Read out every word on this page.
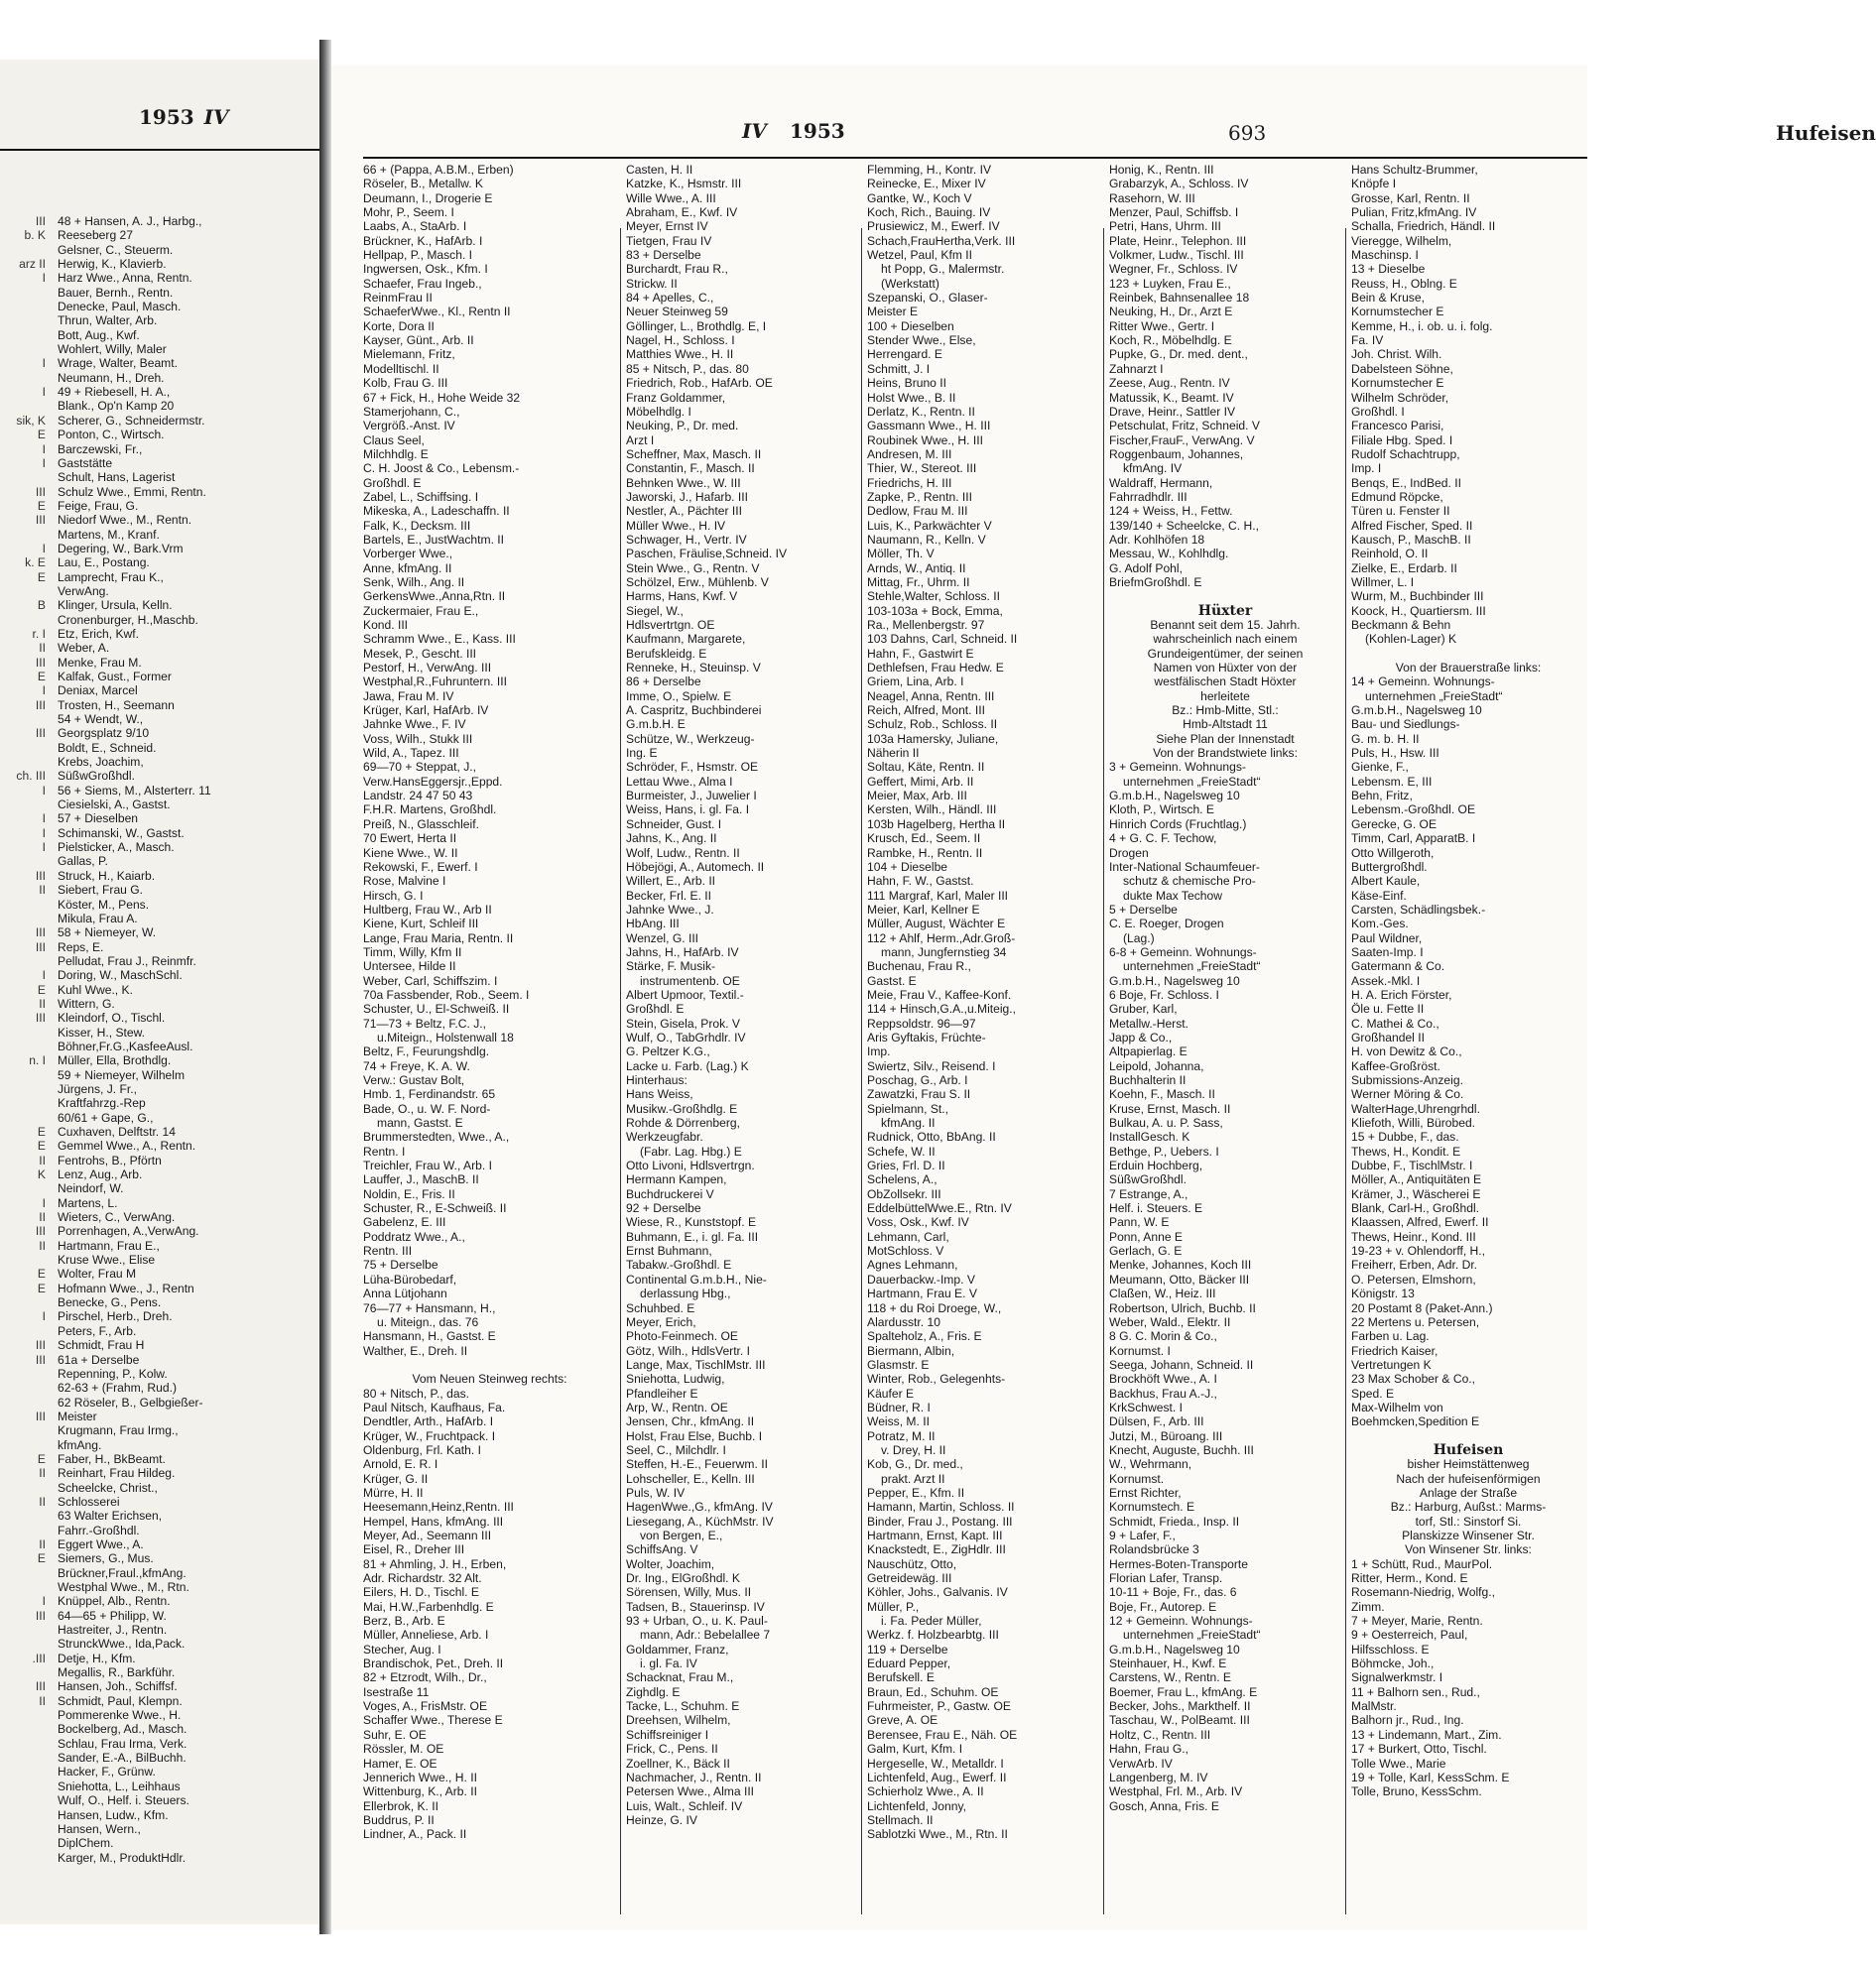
1953 IV
III
b. K
arz II
I
I
I
sik, K
E
I
I
III
E
III
I
k. E
E
B
r. I
II
III
E
I
III
III
ch. III
I
I
I
I
III
II
III
III
I
E
II
III
n. I
E
E
II
K
I
II
III
II
E
E
I
III
III
III
E
II
II
II
E
I
III
.III
III
II
48 + Hansen, A. J., Harbg.,
Reeseberg 27
Gelsner, C., Steuerm.
Herwig, K., Klavierb.
Harz Wwe., Anna, Rentn.
Bauer, Bernh., Rentn.
Denecke, Paul, Masch.
Thrun, Walter, Arb.
Bott, Aug., Kwf.
Wohlert, Willy, Maler
Wrage, Walter, Beamt.
Neumann, H., Dreh.
49 + Riebesell, H. A.,
Blank., Op'n Kamp 20
Scherer, G., Schneidermstr.
Ponton, C., Wirtsch.
Barczewski, Fr.,
Gaststätte
Schult, Hans, Lagerist
Schulz Wwe., Emmi, Rentn.
Feige, Frau, G.
Niedorf Wwe., M., Rentn.
Martens, M., Kranf.
Degering, W., Bark.Vrm
Lau, E., Postang.
Lamprecht, Frau K.,
VerwAng.
Klinger, Ursula, Kelln.
Cronenburger, H.,Maschb.
Etz, Erich, Kwf.
Weber, A.
Menke, Frau M.
Kalfak, Gust., Former
Deniax, Marcel
Trosten, H., Seemann
54 + Wendt, W.,
Georgsplatz 9/10
Boldt, E., Schneid.
Krebs, Joachim,
SüßwGroßhdl.
56 + Siems, M., Alsterterr. 11
Ciesielski, A., Gastst.
57 + Dieselben
Schimanski, W., Gastst.
Pielsticker, A., Masch.
Gallas, P.
Struck, H., Kaiarb.
Siebert, Frau G.
Köster, M., Pens.
Mikula, Frau A.
58 + Niemeyer, W.
Reps, E.
Pelludat, Frau J., Reinmfr.
Doring, W., MaschSchl.
Kuhl Wwe., K.
Wittern, G.
Kleindorf, O., Tischl.
Kisser, H., Stew.
Böhner,Fr.G.,KasfeeAusl.
Müller, Ella, Brothdlg.
59 + Niemeyer, Wilhelm
Jürgens, J. Fr.,
Kraftfahrzg.-Rep
60/61 + Gape, G.,
Cuxhaven, Delftstr. 14
Gemmel Wwe., A., Rentn.
Fentrohs, B., Pförtn
Lenz, Aug., Arb.
Neindorf, W.
Martens, L.
Wieters, C., VerwAng.
Porrenhagen, A.,VerwAng.
Hartmann, Frau E.,
Kruse Wwe., Elise
Wolter, Frau M
Hofmann Wwe., J., Rentn
Benecke, G., Pens.
Pirschel, Herb., Dreh.
Peters, F., Arb.
Schmidt, Frau H
61a + Derselbe
Repenning, P., Kolw.
62-63 + (Frahm, Rud.)
62 Röseler, B., Gelbgießer-
Meister
Krugmann, Frau Irmg.,
kfmAng.
Faber, H., BkBeamt.
Reinhart, Frau Hildeg.
Scheelcke, Christ.,
Schlosserei
63 Walter Erichsen,
Fahrr.-Großhdl.
Eggert Wwe., A.
Siemers, G., Mus.
Brückner,Fraul.,kfmAng.
Westphal Wwe., M., Rtn.
Knüppel, Alb., Rentn.
64—65 + Philipp, W.
Hastreiter, J., Rentn.
StrunckWwe., Ida,Pack.
Detje, H., Kfm.
Megallis, R., Barkführ.
Hansen, Joh., Schiffsf.
Schmidt, Paul, Klempn.
Pommerenke Wwe., H.
Bockelberg, Ad., Masch.
Schlau, Frau Irma, Verk.
Sander, E.-A., BilBuchh.
Hacker, F., Grünw.
Sniehotta, L., Leihhaus
Wulf, O., Helf. i. Steuers.
Hansen, Ludw., Kfm.
Hansen, Wern.,
DiplChem.
Karger, M., ProduktHdlr.
IV 1953	693	Hufeisen
66 + (Pappa, A.B.M., Erben)
Röseler, B., Metallw. K
Deumann, I., Drogerie E
Mohr, P., Seem. I
Laabs, A., StaArb. I
Brückner, K., HafArb. I
Hellpap, P., Masch. I
Ingwersen, Osk., Kfm. I
Schaefer, Frau Ingeb.,
ReinmFrau II
SchaeferWwe., Kl., Rentn II
Korte, Dora II
Kayser, Günt., Arb. II
Mielemann, Fritz,
Modelltischl. II
Kolb, Frau G. III
67 + Fick, H., Hohe Weide 32
Stamerjohann, C.,
Vergröß.-Anst. IV
Claus Seel,
Milchhdlg. E
C. H. Joost & Co., Lebensm.-
Großhdl. E
Zabel, L., Schiffsing. I
Mikeska, A., Ladeschaffn. II
Falk, K., Decksm. III
Bartels, E., JustWachtm. II
Vorberger Wwe.,
Anne, kfmAng. II
Senk, Wilh., Ang. II
GerkensWwe.,Anna,Rtn. II
Zuckermaier, Frau E.,
Kond. III
Schramm Wwe., E., Kass. III
Mesek, P., Gescht. III
Pestorf, H., VerwAng. III
Westphal,R.,Fuhruntern. III
Jawa, Frau M. IV
Krüger, Karl, HafArb. IV
Jahnke Wwe., F. IV
Voss, Wilh., Stukk III
Wild, A., Tapez. III
69—70 + Steppat, J.,
Verw.HansEggersjr.,Eppd.
Landstr. 24 47 50 43
F.H.R. Martens, Großhdl.
Preiß, N., Glasschleif.
70 Ewert, Herta II
Kiene Wwe., W. II
Rekowski, F., Ewerf. I
Rose, Malvine I
Hirsch, G. I
Hultberg, Frau W., Arb II
Kiene, Kurt, Schleif III
Lange, Frau Maria, Rentn. II
Timm, Willy, Kfm II
Untersee, Hilde II
Weber, Carl, Schiffszim. I
70a Fassbender, Rob., Seem. I
Schuster, U., El-Schweiß. II
71—73 + Beltz, F.C. J.,
u.Miteign., Holstenwall 18
Beltz, F., Feurungshdlg.
74 + Freye, K. A. W.
Verw.: Gustav Bolt,
Hmb. 1, Ferdinandstr. 65
Bade, O., u. W. F. Nord-
mann, Gastst. E
Brummerstedten, Wwe., A.,
Rentn. I
Treichler, Frau W., Arb. I
Lauffer, J., MaschB. II
Noldin, E., Fris. II
Schuster, R., E-Schweiß. II
Gabelenz, E. III
Poddratz Wwe., A.,
Rentn. III
75 + Derselbe
Lüha-Bürobedarf,
Anna Lütjohann
76—77 + Hansmann, H.,
u. Miteign., das. 76
Hansmann, H., Gastst. E
Walther, E., Dreh. II
Vom Neuen Steinweg rechts:
80 + Nitsch, P., das.
Paul Nitsch, Kaufhaus, Fa.
Dendtler, Arth., HafArb. I
Krüger, W., Fruchtpack. I
Oldenburg, Frl. Kath. I
Arnold, E. R. I
Krüger, G. II
Mürre, H. II
Heesemann,Heinz,Rentn. III
Hempel, Hans, kfmAng. III
Meyer, Ad., Seemann III
Eisel, R., Dreher III
81 + Ahmling, J. H., Erben,
Adr. Richardstr. 32 Alt.
Eilers, H. D., Tischl. E
Mai, H.W.,Farbenhdlg. E
Berz, B., Arb. E
Müller, Anneliese, Arb. I
Stecher, Aug. I
Brandischok, Pet., Dreh. II
82 + Etzrodt, Wilh., Dr.,
Isestraße 11
Voges, A., FrisMstr. OE
Schaffer Wwe., Therese E
Suhr, E. OE
Rössler, M. OE
Hamer, E. OE
Jennerich Wwe., H. II
Wittenburg, K., Arb. II
Ellerbrok, K. II
Buddrus, P. II
Lindner, A., Pack. II
Casten, H. II
Katzke, K., Hsmstr. III
Wille Wwe., A. III
Abraham, E., Kwf. IV
Meyer, Ernst IV
Tietgen, Frau IV
83 + Derselbe
Burchardt, Frau R.,
Strickw. II
84 + Apelles, C.,
Neuer Steinweg 59
Göllinger, L., Brothdlg. E, I
Nagel, H., Schloss. I
Matthies Wwe., H. II
85 + Nitsch, P., das. 80
Friedrich, Rob., HafArb. OE
Franz Goldammer,
Möbelhdlg. I
Neuking, P., Dr. med.
Arzt I
Scheffner, Max, Masch. II
Constantin, F., Masch. II
Behnken Wwe., W. III
Jaworski, J., Hafarb. III
Nestler, A., Pächter III
Müller Wwe., H. IV
Schwager, H., Vertr. IV
Paschen, Fräulise,Schneid. IV
Stein Wwe., G., Rentn. V
Schölzel, Erw., Mühlenb. V
Harms, Hans, Kwf. V
Siegel, W.,
Hdlsvertrtgn. OE
Kaufmann, Margarete,
Berufskleidg. E
Renneke, H., Steuinsp. V
86 + Derselbe
Imme, O., Spielw. E
A. Caspritz, Buchbinderei
G.m.b.H. E
Schütze, W., Werkzeug-
Ing. E
Schröder, F., Hsmstr. OE
Lettau Wwe., Alma I
Burmeister, J., Juwelier I
Weiss, Hans, i. gl. Fa. I
Schneider, Gust. I
Jahns, K., Ang. II
Wolf, Ludw., Rentn. II
Höbejögi, A., Automech. II
Willert, E., Arb. II
Becker, Frl. E. II
Jahnke Wwe., J.
HbAng. III
Wenzel, G. III
Jahns, H., HafArb. IV
Stärke, F. Musik-
instrumentenb. OE
Albert Upmoor, Textil.-
Großhdl. E
Stein, Gisela, Prok. V
Wulf, O., TabGrhdlr. IV
G. Peltzer K.G.,
Lacke u. Farb. (Lag.) K
Hinterhaus:
Hans Weiss,
Musikw.-Großhdlg. E
Rohde & Dörrenberg,
Werkzeugfabr.
(Fabr. Lag. Hbg.) E
Otto Livoni, Hdlsvertrgn.
Hermann Kampen,
Buchdruckerei V
92 + Derselbe
Wiese, R., Kunststopf. E
Buhmann, E., i. gl. Fa. III
Ernst Buhmann,
Tabakw.-Großhdl. E
Continental G.m.b.H., Nie-
derlassung Hbg.,
Schuhbed. E
Meyer, Erich,
Photo-Feinmech. OE
Götz, Wilh., HdlsVertr. I
Lange, Max, TischlMstr. III
Sniehotta, Ludwig,
Pfandleiher E
Arp, W., Rentn. OE
Jensen, Chr., kfmAng. II
Holst, Frau Else, Buchb. I
Seel, C., Milchdlr. I
Steffen, H.-E., Feuerwm. II
Lohscheller, E., Kelln. III
Puls, W. IV
HagenWwe.,G., kfmAng. IV
Liesegang, A., KüchMstr. IV
von Bergen, E.,
SchiffsAng. V
Wolter, Joachim,
Dr. Ing., ElGroßhdl. K
Sörensen, Willy, Mus. II
Tadsen, B., Stauerinsp. IV
93 + Urban, O., u. K. Paul-
mann, Adr.: Bebelallee 7
Goldammer, Franz,
i. gl. Fa. IV
Schacknat, Frau M.,
Zighdlg. E
Tacke, L., Schuhm. E
Dreehsen, Wilhelm,
Schiffsreiniger I
Frick, C., Pens. II
Zoellner, K., Bäck II
Nachmacher, J., Rentn. II
Petersen Wwe., Alma III
Luis, Walt., Schleif. IV
Heinze, G. IV
Flemming, H., Kontr. IV
Reinecke, E., Mixer IV
Gantke, W., Koch V
Koch, Rich., Bauing. IV
Prusiewicz, M., Ewerf. IV
Schach,FrauHertha,Verk. III
Wetzel, Paul, Kfm II
ht Popp, G., Malermstr.
(Werkstatt)
Szepanski, O., Glaser-
Meister E
100 + Dieselben
Stender Wwe., Else,
Herrengard. E
Schmitt, J. I
Heins, Bruno II
Holst Wwe., B. II
Derlatz, K., Rentn. II
Gassmann Wwe., H. III
Roubinek Wwe., H. III
Andresen, M. III
Thier, W., Stereot. III
Friedrichs, H. III
Zapke, P., Rentn. III
Dedlow, Frau M. III
Luis, K., Parkwächter V
Naumann, R., Kelln. V
Möller, Th. V
Arnds, W., Antiq. II
Mittag, Fr., Uhrm. II
Stehle,Walter, Schloss. II
103-103a + Bock, Emma,
Ra., Mellenbergstr. 97
103 Dahns, Carl, Schneid. II
Hahn, F., Gastwirt E
Dethlefsen, Frau Hedw. E
Griem, Lina, Arb. I
Neagel, Anna, Rentn. III
Reich, Alfred, Mont. III
Schulz, Rob., Schloss. II
103a Hamersky, Juliane,
Näherin II
Soltau, Käte, Rentn. II
Geffert, Mimi, Arb. II
Meier, Max, Arb. III
Kersten, Wilh., Händl. III
103b Hagelberg, Hertha II
Krusch, Ed., Seem. II
Rambke, H., Rentn. II
104 + Dieselbe
Hahn, F. W., Gastst.
111 Margraf, Karl, Maler III
Meier, Karl, Kellner E
Müller, August, Wächter E
112 + Ahlf, Herm.,Adr.Groß-
mann, Jungfernstieg 34
Buchenau, Frau R.,
Gastst. E
Meie, Frau V., Kaffee-Konf.
114 + Hinsch,G.A.,u.Miteig.,
Reppsoldstr. 96—97
Aris Gyftakis, Früchte-
Imp.
Swiertz, Silv., Reisend. I
Poschag, G., Arb. I
Zawatzki, Frau S. II
Spielmann, St.,
kfmAng. II
Rudnick, Otto, BbAng. II
Schefe, W. II
Gries, Frl. D. II
Schelens, A.,
ObZollsekr. III
EddelbüttelWwe.E., Rtn. IV
Voss, Osk., Kwf. IV
Lehmann, Carl,
MotSchloss. V
Agnes Lehmann,
Dauerbackw.-Imp. V
Hartmann, Frau E. V
118 + du Roi Droege, W.,
Alardusstr. 10
Spalteholz, A., Fris. E
Biermann, Albin,
Glasmstr. E
Winter, Rob., Gelegenhts-
Käufer E
Büdner, R. I
Weiss, M. II
Potratz, M. II
v. Drey, H. II
Kob, G., Dr. med.,
prakt. Arzt II
Pepper, E., Kfm. II
Hamann, Martin, Schloss. II
Binder, Frau J., Postang. III
Hartmann, Ernst, Kapt. III
Knackstedt, E., ZigHdlr. III
Nauschütz, Otto,
Getreidewäg. III
Köhler, Johs., Galvanis. IV
Müller, P.,
i. Fa. Peder Müller,
Werkz. f. Holzbearbtg. III
119 + Derselbe
Eduard Pepper,
Berufskell. E
Braun, Ed., Schuhm. OE
Fuhrmeister, P., Gastw. OE
Greve, A. OE
Berensee, Frau E., Näh. OE
Galm, Kurt, Kfm. I
Hergeselle, W., Metalldr. I
Lichtenfeld, Aug., Ewerf. II
Schierholz Wwe., A. II
Lichtenfeld, Jonny,
Stellmach. II
Sablotzki Wwe., M., Rtn. II
Honig, K., Rentn. III
Grabarzyk, A., Schloss. IV
Rasehorn, W. III
Menzer, Paul, Schiffsb. I
Petri, Hans, Uhrm. III
Plate, Heinr., Telephon. III
Volkmer, Ludw., Tischl. III
Wegner, Fr., Schloss. IV
123 + Luyken, Frau E.,
Reinbek, Bahnsenallee 18
Neuking, H., Dr., Arzt E
Ritter Wwe., Gertr. I
Koch, R., Möbelhdlg. E
Pupke, G., Dr. med. dent.,
Zahnarzt I
Zeese, Aug., Rentn. IV
Matussik, K., Beamt. IV
Drave, Heinr., Sattler IV
Petschulat, Fritz, Schneid. V
Fischer,FrauF., VerwAng. V
Roggenbaum, Johannes,
kfmAng. IV
Waldraff, Hermann,
Fahrradhdlr. III
124 + Weiss, H., Fettw.
139/140 + Scheelcke, C. H.,
Adr. Kohlhöfen 18
Messau, W., Kohlhdlg.
G. Adolf Pohl,
BriefmGroßhdl. E
Hüxter
Benannt seit dem 15. Jahrh.
wahrscheinlich nach einem
Grundeigentümer, der seinen
Namen von Hüxter von der
westfälischen Stadt Höxter
herleitete
Bz.: Hmb-Mitte, Stl.:
Hmb-Altstadt 11
Siehe Plan der Innenstadt
Von der Brandstwiete links:
3 + Gemeinn. Wohnungs-
unternehmen „FreieStadt“
G.m.b.H., Nagelsweg 10
Kloth, P., Wirtsch. E
Hinrich Cords (Fruchtlag.)
4 + G. C. F. Techow,
Drogen
Inter-National Schaumfeuer-
schutz & chemische Pro-
dukte Max Techow
5 + Derselbe
C. E. Roeger, Drogen
(Lag.)
6-8 + Gemeinn. Wohnungs-
unternehmen „FreieStadt“
G.m.b.H., Nagelsweg 10
6 Boje, Fr. Schloss. I
Gruber, Karl,
Metallw.-Herst.
Japp & Co.,
Altpapierlag. E
Leipold, Johanna,
Buchhalterin II
Koehn, F., Masch. II
Kruse, Ernst, Masch. II
Bulkau, A. u. P. Sass,
InstallGesch. K
Bethge, P., Uebers. I
Erduin Hochberg,
SüßwGroßhdl.
7 Estrange, A.,
Helf. i. Steuers. E
Pann, W. E
Ponn, Anne E
Gerlach, G. E
Menke, Johannes, Koch III
Meumann, Otto, Bäcker III
Claßen, W., Heiz. III
Robertson, Ulrich, Buchb. II
Weber, Wald., Elektr. II
8 G. C. Morin & Co.,
Kornumst. I
Seega, Johann, Schneid. II
Brockhöft Wwe., A. I
Backhus, Frau A.-J.,
KrkSchwest. I
Dülsen, F., Arb. III
Jutzi, M., Büroang. III
Knecht, Auguste, Buchh. III
W., Wehrmann,
Kornumst.
Ernst Richter,
Kornumstech. E
Schmidt, Frieda., Insp. II
9 + Lafer, F.,
Rolandsbrücke 3
Hermes-Boten-Transporte
Florian Lafer, Transp.
10-11 + Boje, Fr., das. 6
Boje, Fr., Autorep. E
12 + Gemeinn. Wohnungs-
unternehmen „FreieStadt“
G.m.b.H., Nagelsweg 10
Steinhauer, H., Kwf. E
Carstens, W., Rentn. E
Boemer, Frau L., kfmAng. E
Becker, Johs., Markthelf. II
Taschau, W., PolBeamt. III
Holtz, C., Rentn. III
Hahn, Frau G.,
VerwArb. IV
Langenberg, M. IV
Westphal, Frl. M., Arb. IV
Gosch, Anna, Fris. E
Hans Schultz-Brummer,
Knöpfe I
Grosse, Karl, Rentn. II
Pulian, Fritz,kfmAng. IV
Schalla, Friedrich, Händl. II
Vieregge, Wilhelm,
Maschinsp. I
13 + Dieselbe
Reuss, H., Oblng. E
Bein & Kruse,
Kornumstecher E
Kemme, H., i. ob. u. i. folg.
Fa. IV
Joh. Christ. Wilh.
Dabelsteen Söhne,
Kornumstecher E
Wilhelm Schröder,
Großhdl. I
Francesco Parisi,
Filiale Hbg. Sped. I
Rudolf Schachtrupp,
Imp. I
Benqs, E., IndBed. II
Edmund Röpcke,
Türen u. Fenster II
Alfred Fischer, Sped. II
Kausch, P., MaschB. II
Reinhold, O. II
Zielke, E., Erdarb. II
Willmer, L. I
Wurm, M., Buchbinder III
Koock, H., Quartiersm. III
Beckmann & Behn
(Kohlen-Lager) K
Von der Brauerstraße links:
14 + Gemeinn. Wohnungs-
unternehmen „FreieStadt“
G.m.b.H., Nagelsweg 10
Bau- und Siedlungs-
G. m. b. H. II
Puls, H., Hsw. III
Gienke, F.,
Lebensm. E, III
Behn, Fritz,
Lebensm.-Großhdl. OE
Gerecke, G. OE
Timm, Carl, ApparatB. I
Otto Willgeroth,
Buttergroßhdl.
Albert Kaule,
Käse-Einf.
Carsten, Schädlingsbek.-
Kom.-Ges.
Paul Wildner,
Saaten-Imp. I
Gatermann & Co.
Assek.-Mkl. I
H. A. Erich Förster,
Öle u. Fette II
C. Mathei & Co.,
Großhandel II
H. von Dewitz & Co.,
Kaffee-Großröst.
Submissions-Anzeig.
Werner Möring & Co.
WalterHage,Uhrengrhdl.
Kliefoth, Willi, Bürobed.
15 + Dubbe, F., das.
Thews, H., Kondit. E
Dubbe, F., TischlMstr. I
Möller, A., Antiquitäten E
Krämer, J., Wäscherei E
Blank, Carl-H., Großhdl.
Klaassen, Alfred, Ewerf. II
Thews, Heinr., Kond. III
19-23 + v. Ohlendorff, H.,
Freiherr, Erben, Adr. Dr.
O. Petersen, Elmshorn,
Königstr. 13
20 Postamt 8 (Paket-Ann.)
22 Mertens u. Petersen,
Farben u. Lag.
Friedrich Kaiser,
Vertretungen K
23 Max Schober & Co.,
Sped. E
Max-Wilhelm von
Boehmcken,Spedition E
Hufeisen
bisher Heimstättenweg
Nach der hufeisenförmigen
Anlage der Straße
Bz.: Harburg, Außst.: Marms-
torf, Stl.: Sinstorf Si.
Planskizze Winsener Str.
Von Winsener Str. links:
1 + Schütt, Rud., MaurPol.
Ritter, Herm., Kond. E
Rosemann-Niedrig, Wolfg.,
Zimm.
7 + Meyer, Marie, Rentn.
9 + Oesterreich, Paul,
Hilfsschloss. E
Böhmcke, Joh.,
Signalwerkmstr. I
11 + Balhorn sen., Rud.,
MalMstr.
Balhorn jr., Rud., Ing.
13 + Lindemann, Mart., Zim.
17 + Burkert, Otto, Tischl.
Tolle Wwe., Marie
19 + Tolle, Karl, KessSchm. E
Tolle, Bruno, KessSchm.
